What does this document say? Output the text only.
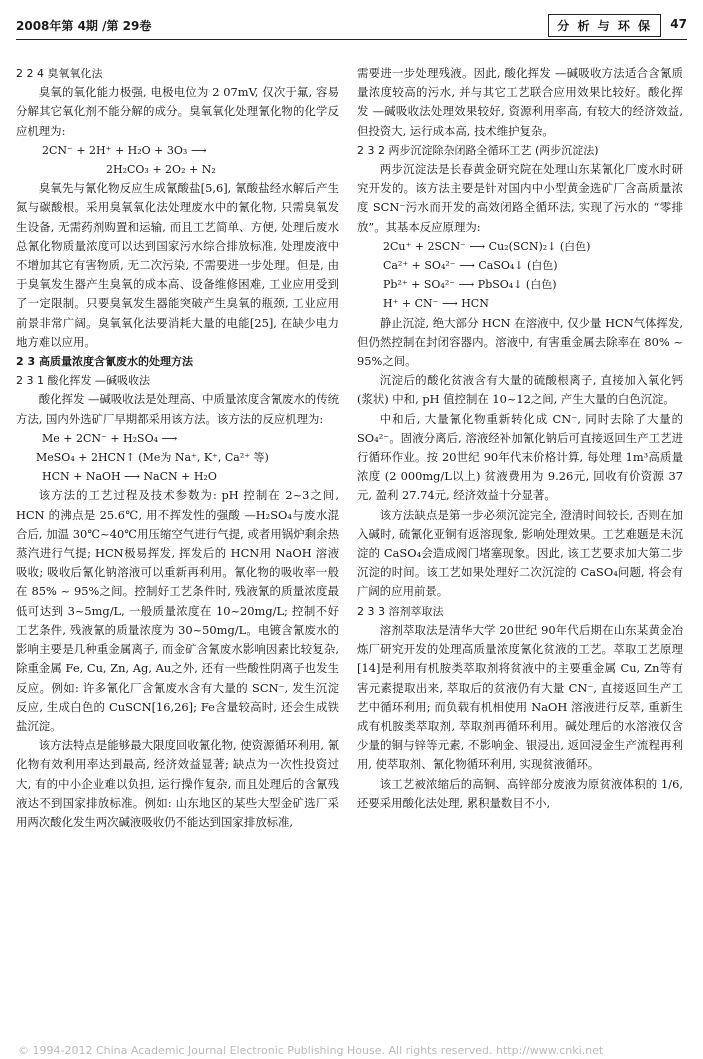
2008年第 4期 /第 29卷	分 析 与 环 保	47

2 2 4 臭氧氧化法

臭氧的氧化能力极强, 电极电位为 2 07mV, 仅次于氟, 容易分解其它氧化剂不能分解的成分。臭氧氧化处理氰化物的化学反应机理为:

2CN⁻ + 2H⁺ + H₂O + 3O₃ ⟶

2H₂CO₃ + 2O₂ + N₂

臭氧先与氰化物反应生成氰酸盐[5,6], 氰酸盐经水解后产生氮与碳酸根。采用臭氧氧化法处理废水中的氰化物, 只需臭氧发生设备, 无需药剂购置和运输, 而且工艺简单、方便, 处理后废水总氰化物质量浓度可以达到国家污水综合排放标准, 处理废液中不增加其它有害物质, 无二次污染, 不需要进一步处理。但是, 由于臭氧发生器产生臭氧的成本高、设备维修困难, 工业应用受到了一定限制。只要臭氧发生器能突破产生臭氧的瓶颈, 工业应用前景非常广阔。臭氧氧化法要消耗大量的电能[25], 在缺少电力地方难以应用。

2 3 高质量浓度含氰废水的处理方法

2 3 1 酸化挥发 —碱吸收法

酸化挥发 —碱吸收法是处理高、中质量浓度含氰废水的传统方法, 国内外选矿厂早期都采用该方法。该方法的反应机理为:

Me + 2CN⁻ + H₂SO₄ ⟶

MeSO₄ + 2HCN↑ (Me为 Na⁺, K⁺, Ca²⁺ 等)

HCN + NaOH ⟶ NaCN + H₂O

该方法的工艺过程及技术参数为: pH 控制在 2~3之间, HCN 的沸点是 25.6℃, 用不挥发性的强酸 —H₂SO₄与废水混合后, 加温 30℃~40℃用压缩空气进行气提, 或者用锅炉剩余热蒸汽进行气提; HCN极易挥发, 挥发后的 HCN用 NaOH 溶液吸收; 吸收后氰化钠溶液可以重新再利用。氰化物的吸收率一般在 85% ~ 95%之间。控制好工艺条件时, 残液氰的质量浓度最低可达到 3~5mg/L, 一般质量浓度在 10~20mg/L; 控制不好工艺条件, 残液氰的质量浓度为 30~50mg/L。电镀含氰废水的影响主要是几种重金属离子, 而金矿含氰废水影响因素比较复杂, 除重金属 Fe, Cu, Zn, Ag, Au之外, 还有一些酸性阴离子也发生反应。例如: 许多氰化厂含氰废水含有大量的 SCN⁻, 发生沉淀反应, 生成白色的 CuSCN[16,26]; Fe含量较高时, 还会生成铁盐沉淀。

该方法特点是能够最大限度回收氰化物, 使资源循环利用, 氰化物有效利用率达到最高, 经济效益显著; 缺点为一次性投资过大, 有的中小企业难以负担, 运行操作复杂, 而且处理后的含氰残液达不到国家排放标准。例如: 山东地区的某些大型金矿选厂采用两次酸化发生两次碱液吸收仍不能达到国家排放标准,

需要进一步处理残液。因此, 酸化挥发 —碱吸收方法适合含氰质量浓度较高的污水, 并与其它工艺联合应用效果比较好。酸化挥发 —碱吸收法处理效果较好, 资源利用率高, 有较大的经济效益, 但投资大, 运行成本高, 技术维护复杂。

2 3 2 两步沉淀除杂闭路全循环工艺 (两步沉淀法)

两步沉淀法是长春黄金研究院在处理山东某氰化厂废水时研究开发的。该方法主要是针对国内中小型黄金选矿厂含高质量浓度 SCN⁻污水而开发的高效闭路全循环法, 实现了污水的 “零排放”。其基本反应原理为:

2Cu⁺ + 2SCN⁻ ⟶ Cu₂(SCN)₂↓ (白色)

Ca²⁺ + SO₄²⁻ ⟶ CaSO₄↓ (白色)

Pb²⁺ + SO₄²⁻ ⟶ PbSO₄↓ (白色)

H⁺ + CN⁻ ⟶ HCN

静止沉淀, 绝大部分 HCN 在溶液中, 仅少量 HCN气体挥发, 但仍然控制在封闭容器内。溶液中, 有害重金属去除率在 80% ~ 95%之间。

沉淀后的酸化贫液含有大量的硫酸根离子, 直接加入氧化钙 (浆状) 中和, pH 值控制在 10~12之间, 产生大量的白色沉淀。

中和后, 大量氰化物重新转化成 CN⁻, 同时去除了大量的 SO₄²⁻。固液分离后, 溶液经补加氰化钠后可直接返回生产工艺进行循环作业。按 20世纪 90年代末价格计算, 每处理 1m³高质量浓度 (2 000mg/L以上) 贫液费用为 9.26元, 回收有价资源 37元, 盈利 27.74元, 经济效益十分显著。

该方法缺点是第一步必须沉淀完全, 澄清时间较长, 否则在加入碱时, 硫氰化亚铜有返溶现象, 影响处理效果。工艺难题是未沉淀的 CaSO₄会造成阀门堵塞现象。因此, 该工艺要求加大第二步沉淀的时间。该工艺如果处理好二次沉淀的 CaSO₄问题, 将会有广阔的应用前景。

2 3 3 溶剂萃取法

溶剂萃取法是清华大学 20世纪 90年代后期在山东某黄金冶炼厂研究开发的处理高质量浓度氰化贫液的工艺。萃取工艺原理[14]是利用有机胺类萃取剂将贫液中的主要重金属 Cu, Zn等有害元素提取出来, 萃取后的贫液仍有大量 CN⁻, 直接返回生产工艺中循环利用; 而负载有机相使用 NaOH 溶液进行反萃, 重新生成有机胺类萃取剂, 萃取剂再循环利用。碱处理后的水溶液仅含少量的铜与锌等元素, 不影响金、银浸出, 返回浸金生产流程再利用, 使萃取剂、氰化物循环利用, 实现贫液循环。

该工艺被浓缩后的高铜、高锌部分废液为原贫液体积的 1/6, 还要采用酸化法处理, 累积量数目不小,

© 1994-2012 China Academic Journal Electronic Publishing House. All rights reserved. http://www.cnki.net
